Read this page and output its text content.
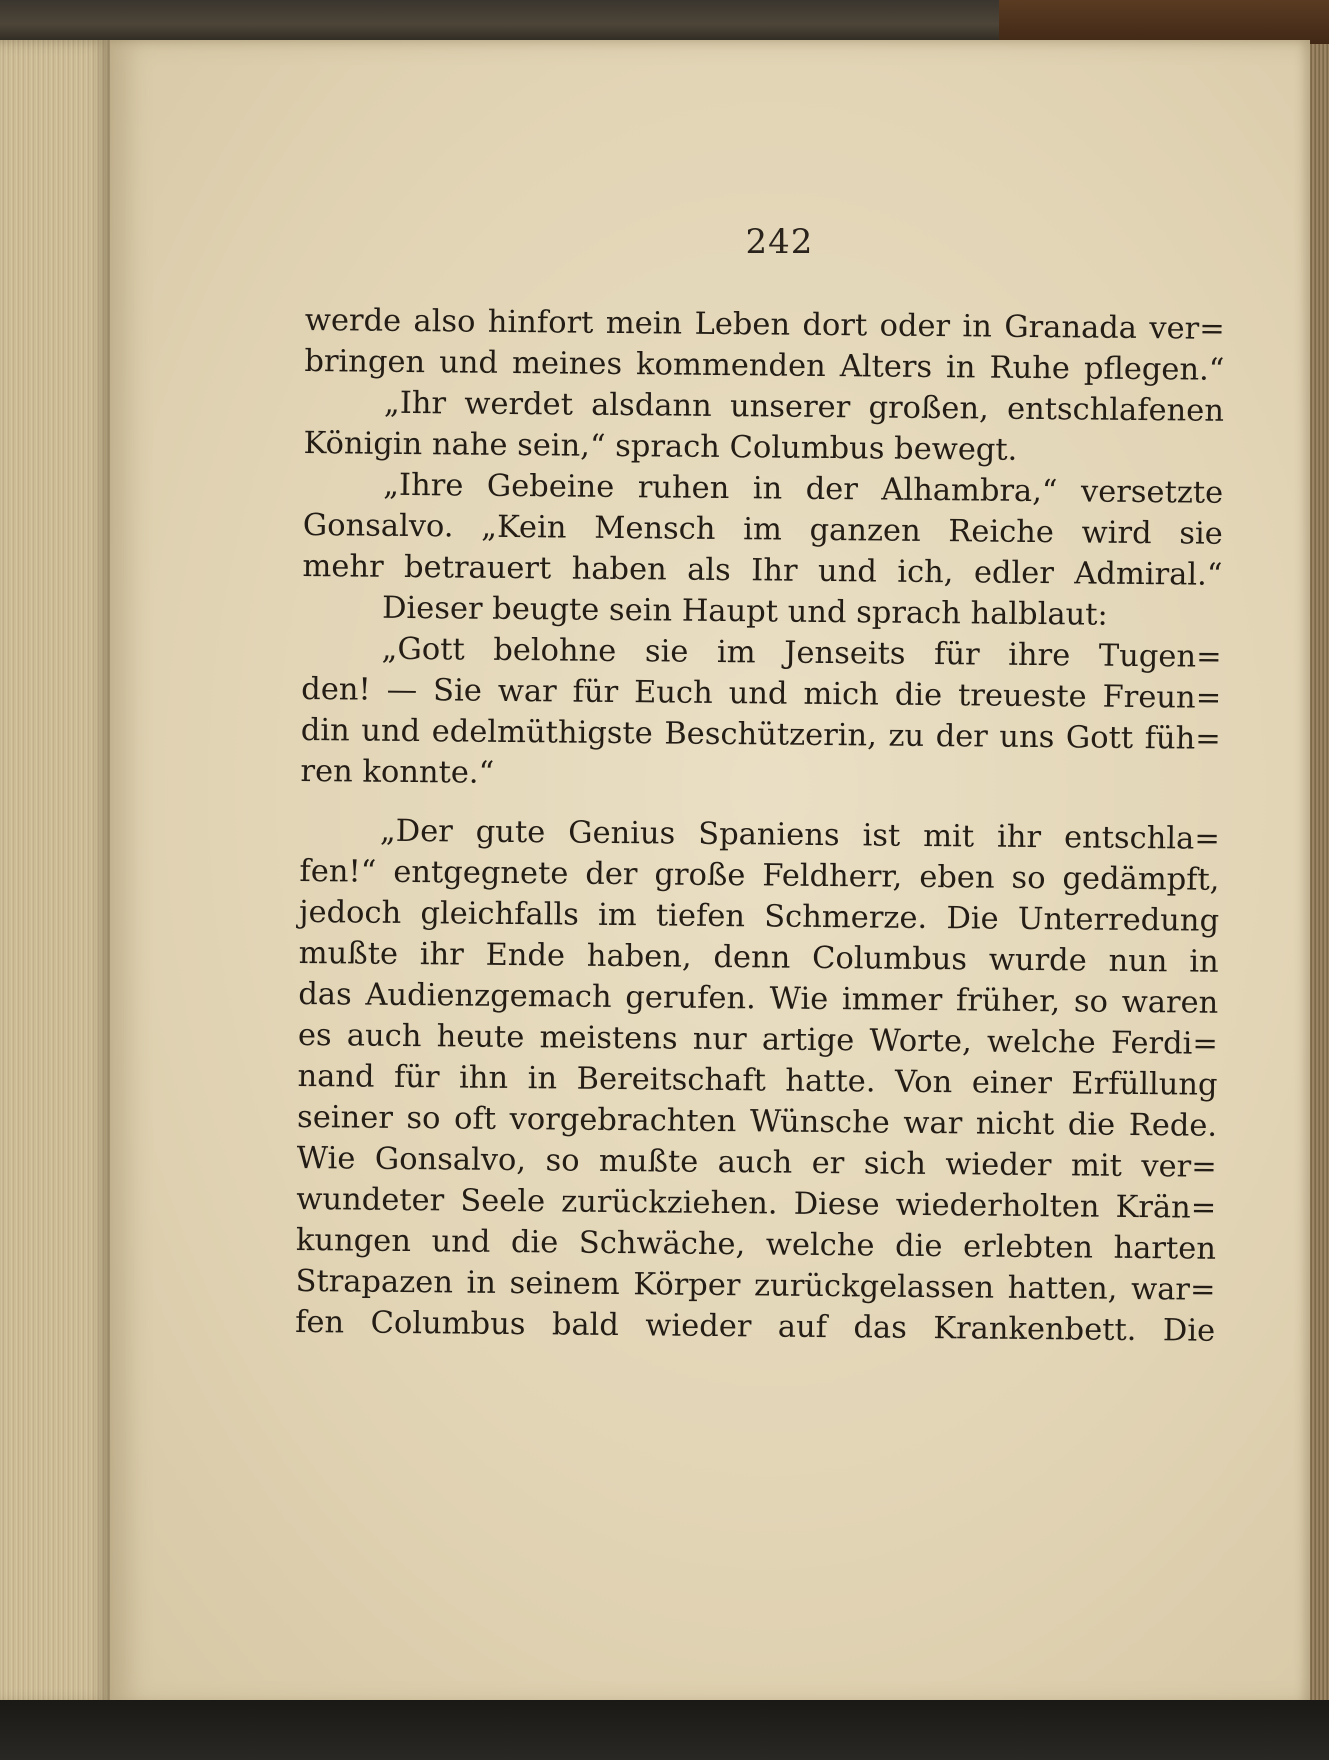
242
werde also hinfort mein Leben dort oder in Granada ver=
bringen und meines kommenden Alters in Ruhe pflegen.“
„Ihr werdet alsdann unserer großen, entschlafenen
Königin nahe sein,“ sprach Columbus bewegt.
„Ihre Gebeine ruhen in der Alhambra,“ versetzte
Gonsalvo. „Kein Mensch im ganzen Reiche wird sie
mehr betrauert haben als Ihr und ich, edler Admiral.“
Dieser beugte sein Haupt und sprach halblaut:
„Gott belohne sie im Jenseits für ihre Tugen=
den! — Sie war für Euch und mich die treueste Freun=
din und edelmüthigste Beschützerin, zu der uns Gott füh=
ren konnte.“
„Der gute Genius Spaniens ist mit ihr entschla=
fen!“ entgegnete der große Feldherr, eben so gedämpft,
jedoch gleichfalls im tiefen Schmerze. Die Unterredung
mußte ihr Ende haben, denn Columbus wurde nun in
das Audienzgemach gerufen. Wie immer früher, so waren
es auch heute meistens nur artige Worte, welche Ferdi=
nand für ihn in Bereitschaft hatte. Von einer Erfüllung
seiner so oft vorgebrachten Wünsche war nicht die Rede.
Wie Gonsalvo, so mußte auch er sich wieder mit ver=
wundeter Seele zurückziehen. Diese wiederholten Krän=
kungen und die Schwäche, welche die erlebten harten
Strapazen in seinem Körper zurückgelassen hatten, war=
fen Columbus bald wieder auf das Krankenbett. Die
